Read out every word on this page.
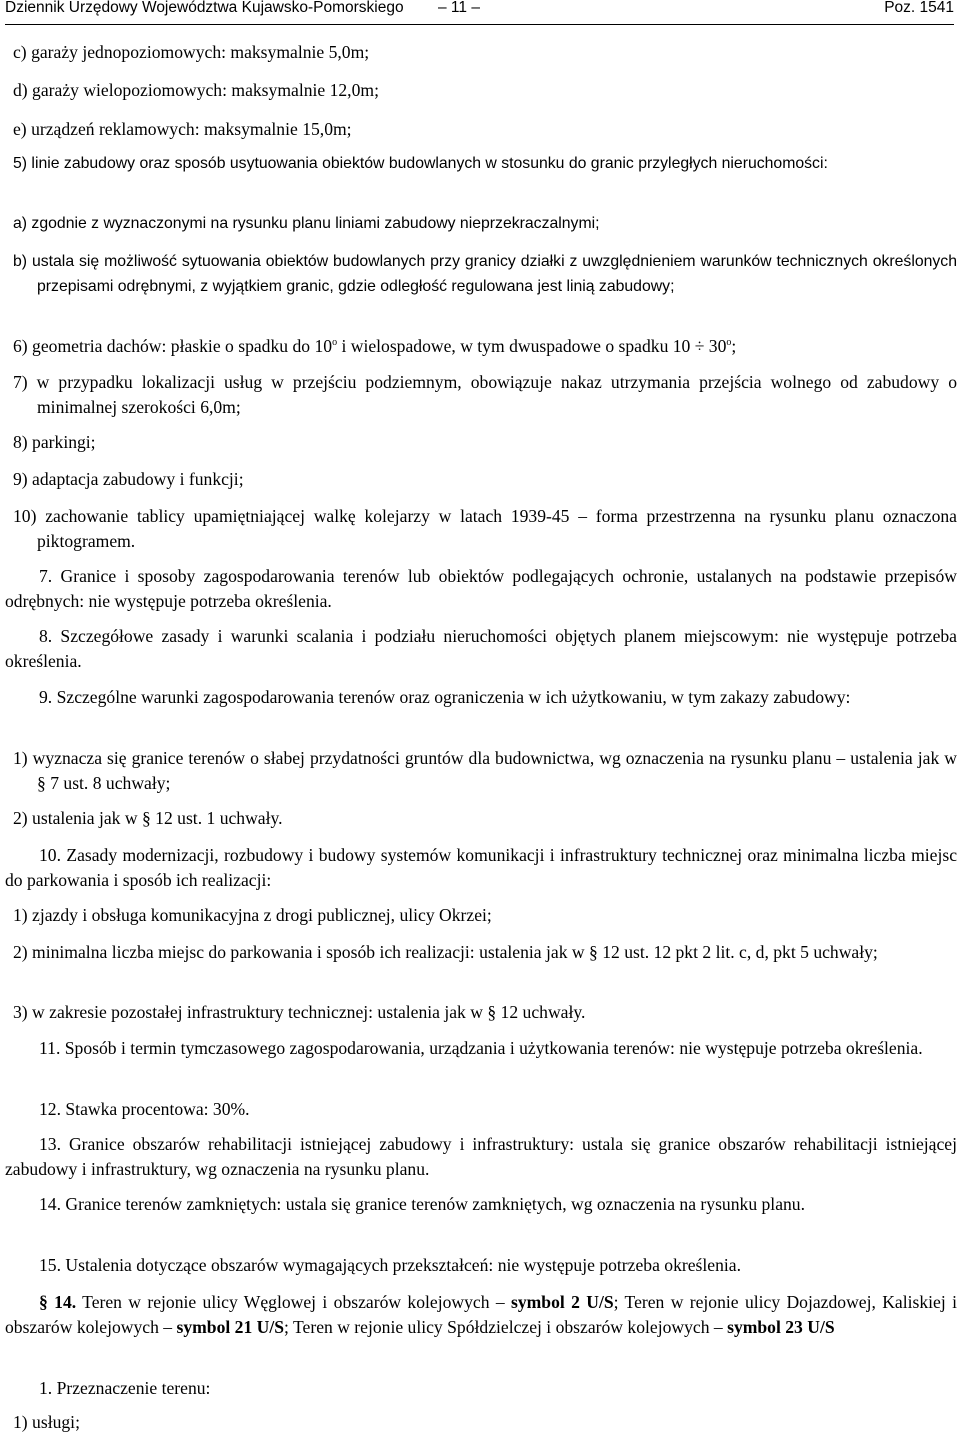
Dziennik Urzędowy Województwa Kujawsko-Pomorskiego – 11 –	Poz. 1541
c) garaży jednopoziomowych: maksymalnie 5,0m;
d) garaży wielopoziomowych: maksymalnie 12,0m;
e) urządzeń reklamowych: maksymalnie 15,0m;
5) linie zabudowy oraz sposób usytuowania obiektów budowlanych w stosunku do granic przyległych nieruchomości:
a) zgodnie z wyznaczonymi na rysunku planu liniami zabudowy nieprzekraczalnymi;
b) ustala się możliwość sytuowania obiektów budowlanych przy granicy działki z uwzględnieniem warunków technicznych określonych przepisami odrębnymi, z wyjątkiem granic, gdzie odległość regulowana jest linią zabudowy;
6) geometria dachów: płaskie o spadku do 10$^o$ i wielospadowe, w tym dwuspadowe o spadku $10 \div 30^o$;
7) w przypadku lokalizacji usług w przejściu podziemnym, obowiązuje nakaz utrzymania przejścia wolnego od zabudowy o minimalnej szerokości 6,0m;
8) parkingi;
9) adaptacja zabudowy i funkcji;
10) zachowanie tablicy upamiętniającej walkę kolejarzy w latach 1939-45 – forma przestrzenna na rysunku planu oznaczona piktogramem.
7. Granice i sposoby zagospodarowania terenów lub obiektów podlegających ochronie, ustalanych na podstawie przepisów odrębnych: nie występuje potrzeba określenia.
8. Szczegółowe zasady i warunki scalania i podziału nieruchomości objętych planem miejscowym: nie występuje potrzeba określenia.
9. Szczególne warunki zagospodarowania terenów oraz ograniczenia w ich użytkowaniu, w tym zakazy zabudowy:
1) wyznacza się granice terenów o słabej przydatności gruntów dla budownictwa, wg oznaczenia na rysunku planu – ustalenia jak w § 7 ust. 8 uchwały;
2) ustalenia jak w § 12 ust. 1 uchwały.
10. Zasady modernizacji, rozbudowy i budowy systemów komunikacji i infrastruktury technicznej oraz minimalna liczba miejsc do parkowania i sposób ich realizacji:
1) zjazdy i obsługa komunikacyjna z drogi publicznej, ulicy Okrzei;
2) minimalna liczba miejsc do parkowania i sposób ich realizacji: ustalenia jak w § 12 ust. 12 pkt 2 lit. c, d, pkt 5 uchwały;
3) w zakresie pozostałej infrastruktury technicznej: ustalenia jak w § 12 uchwały.
11. Sposób i termin tymczasowego zagospodarowania, urządzania i użytkowania terenów: nie występuje potrzeba określenia.
12. Stawka procentowa: 30%.
13. Granice obszarów rehabilitacji istniejącej zabudowy i infrastruktury: ustala się granice obszarów rehabilitacji istniejącej zabudowy i infrastruktury, wg oznaczenia na rysunku planu.
14. Granice terenów zamkniętych: ustala się granice terenów zamkniętych, wg oznaczenia na rysunku planu.
15. Ustalenia dotyczące obszarów wymagających przekształceń: nie występuje potrzeba określenia.
§ 14. Teren w rejonie ulicy Węglowej i obszarów kolejowych – symbol 2 U/S; Teren w rejonie ulicy Dojazdowej, Kaliskiej i obszarów kolejowych – symbol 21 U/S; Teren w rejonie ulicy Spółdzielczej i obszarów kolejowych – symbol 23 U/S
1. Przeznaczenie terenu:
1) usługi;
